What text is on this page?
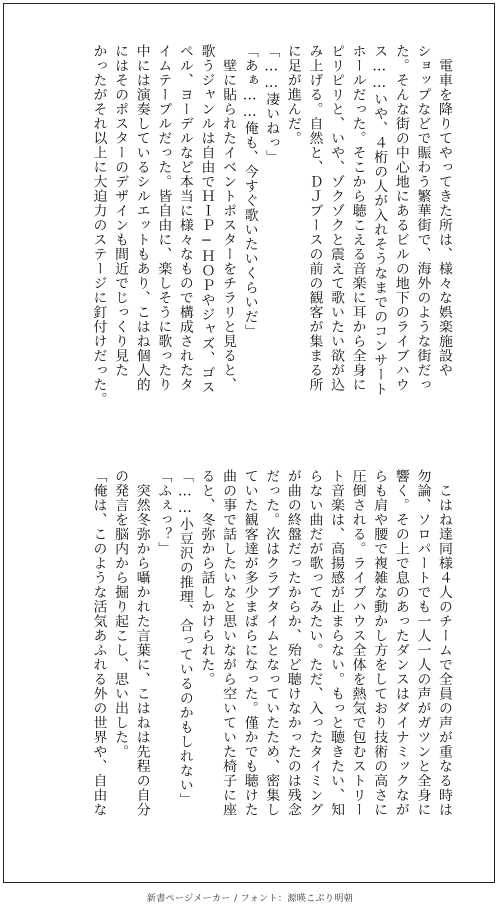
　電車を降りてやってきた所は、様々な娯楽施設や
ショップなどで賑わう繁華街で、海外のような街だっ
た。そんな街の中心地にあるビルの地下のライブハウ
ス……いや、４桁の人が入れそうなまでのコンサート
ホールだった。そこから聴こえる音楽に耳から全身に
ピリピリと、いや、ゾクゾクと震えて歌いたい欲が込
み上げる。自然と、ＤＪブースの前の観客が集まる所
に足が進んだ。
「……凄いねっ」
「あぁ……俺も、今すぐ歌いたいくらいだ」
　壁に貼られたイベントポスターをチラリと見ると、
歌うジャンルは自由でＨＩＰ−ＨＯＰやジャズ、ゴス
ペル、ヨーデルなど本当に様々なもので構成されたタ
イムテーブルだった。皆自由に、楽しそうに歌ったり
中には演奏しているシルエットもあり、こはね個人的
にはそのポスターのデザインも間近でじっくり見た
かったがそれ以上に大迫力のステージに釘付けだった。
　こはね達同様４人のチームで全員の声が重なる時は
勿論、ソロパートでも一人一人の声がガツンと全身に
響く。その上で息のあったダンスはダイナミックなが
らも肩や腰で複雑な動かし方をしており技術の高さに
圧倒される。ライブハウス全体を熱気で包むストリー
ト音楽は、高揚感が止まらない。もっと聴きたい、知
らない曲だが歌ってみたい。ただ、入ったタイミング
が曲の終盤だったからか、殆ど聴けなかったのは残念
だった。次はクラブタイムとなっていたため、密集し
ていた観客達が多少まばらになった。僅かでも聴けた
曲の事で話したいなと思いながら空いていた椅子に座
ると、冬弥から話しかけられた。
「……小豆沢の推理、合っているのかもしれない」
「ふぇっ？」
　突然冬弥から囁かれた言葉に、こはねは先程の自分
の発言を脳内から掘り起こし、思い出した。
「俺は、このような活気あふれる外の世界や、自由な
新書ページメーカー / フォント：源暎こぶり明朝
